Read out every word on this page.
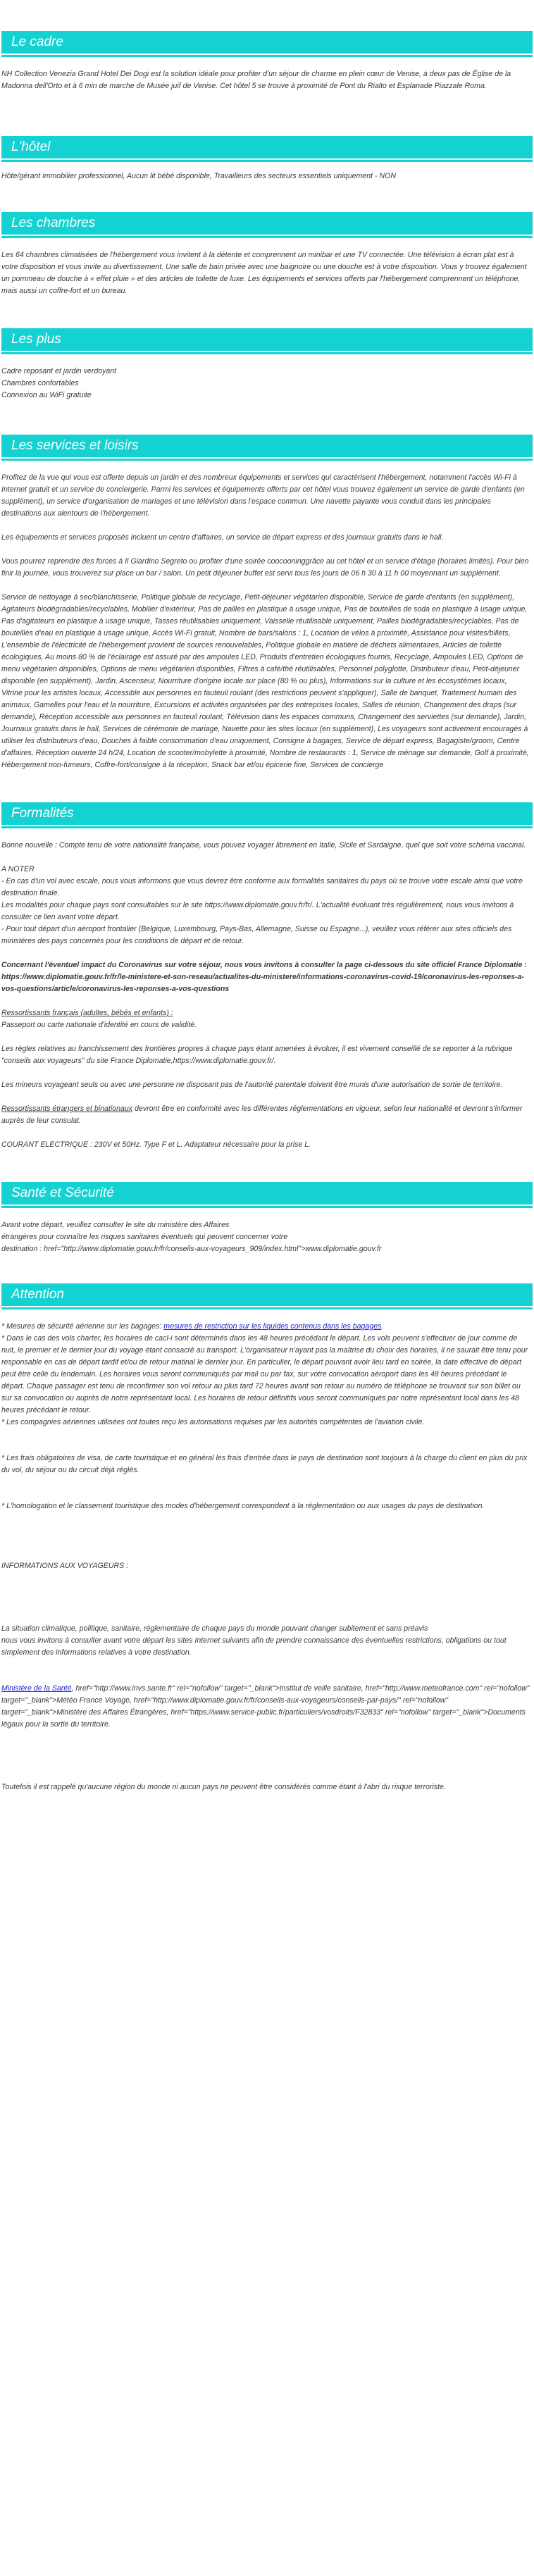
Le cadre

NH Collection Venezia Grand Hotel Dei Dogi est la solution idéale pour profiter d'un séjour de charme en plein cœur de Venise, à deux pas de Église de la Madonna dell'Orto et à 6 min de marche de Musée juif de Venise. Cet hôtel 5 se trouve à proximité de Pont du Rialto et Esplanade Piazzale Roma.

L'hôtel

Hôte/gérant immobilier professionnel, Aucun lit bébé disponible, Travailleurs des secteurs essentiels uniquement - NON

Les chambres

Les 64 chambres climatisées de l'hébergement vous invitent à la détente et comprennent un minibar et une TV connectée. Une télévision à écran plat est à votre disposition et vous invite au divertissement. Une salle de bain privée avec une baignoire ou une douche est à votre disposition. Vous y trouvez également un pommeau de douche à « effet pluie » et des articles de toilette de luxe. Les équipements et services offerts par l'hébergement comprennent un téléphone, mais aussi un coffre-fort et un bureau.

Les plus

Cadre reposant et jardin verdoyant

Chambres confortables

Connexion au WiFi gratuite

Les services et loisirs

Profitez de la vue qui vous est offerte depuis un jardin et des nombreux équipements et services qui caractérisent l'hébergement, notamment l'accès Wi-Fi à Internet gratuit et un service de conciergerie. Parmi les services et équipements offerts par cet hôtel vous trouvez également un service de garde d'enfants (en supplément), un service d'organisation de mariages et une télévision dans l'espace commun. Une navette payante vous conduit dans les principales destinations aux alentours de l'hébergement.

Les équipements et services proposés incluent un centre d'affaires, un service de départ express et des journaux gratuits dans le hall.

Vous pourrez reprendre des forces à Il Giardino Segreto ou profiter d'une soirée coocooninggrâce au cet hôtel et un service d'étage (horaires limités). Pour bien finir la journée, vous trouverez sur place un bar / salon. Un petit déjeuner buffet est servi tous les jours de 06 h 30 à 11 h 00 moyennant un supplément.

Service de nettoyage à sec/blanchisserie, Politique globale de recyclage, Petit-déjeuner végétarien disponible, Service de garde d'enfants (en supplément), Agitateurs biodégradables/recyclables, Mobilier d'extérieur, Pas de pailles en plastique à usage unique, Pas de bouteilles de soda en plastique à usage unique, Pas d'agitateurs en plastique à usage unique, Tasses réutilisables uniquement, Vaisselle réutilisable uniquement, Pailles biodégradables/recyclables, Pas de bouteilles d'eau en plastique à usage unique, Accès Wi-Fi gratuit, Nombre de bars/salons : 1, Location de vélos à proximité, Assistance pour visites/billets, L'ensemble de l'électricité de l'hébergement provient de sources renouvelables, Politique globale en matière de déchets alimentaires, Articles de toilette écologiques, Au moins 80 % de l'éclairage est assuré par des ampoules LED, Produits d'entretien écologiques fournis, Recyclage, Ampoules LED, Options de menu végétarien disponibles, Options de menu végétarien disponibles, Filtres à café/thé réutilisables, Personnel polyglotte, Distributeur d'eau, Petit-déjeuner disponible (en supplément), Jardin, Ascenseur, Nourriture d'origine locale sur place (80 % ou plus), Informations sur la culture et les écosystèmes locaux, Vitrine pour les artistes locaux, Accessible aux personnes en fauteuil roulant (des restrictions peuvent s'appliquer), Salle de banquet, Traitement humain des animaux, Gamelles pour l'eau et la nourriture, Excursions et activités organisées par des entreprises locales, Salles de réunion, Changement des draps (sur demande), Réception accessible aux personnes en fauteuil roulant, Télévision dans les espaces communs, Changement des serviettes (sur demande), Jardin, Journaux gratuits dans le hall, Services de cérémonie de mariage, Navette pour les sites locaux (en supplément), Les voyageurs sont activement encouragés à utiliser les distributeurs d'eau, Douches à faible consommation d'eau uniquement, Consigne à bagages, Service de départ express, Bagagiste/groom, Centre d'affaires, Réception ouverte 24 h/24, Location de scooter/mobylette à proximité, Nombre de restaurants : 1, Service de ménage sur demande, Golf à proximité, Hébergement non-fumeurs, Coffre-fort/consigne à la réception, Snack bar et/ou épicerie fine, Services de concierge

Formalités

Bonne nouvelle : Compte tenu de votre nationalité française, vous pouvez voyager librement en Italie, Sicile et Sardaigne, quel que soit votre schéma vaccinal.

A NOTER

- En cas d'un vol avec escale, nous vous informons que vous devrez être conforme aux formalités sanitaires du pays où se trouve votre escale ainsi que votre destination finale.

Les modalités pour chaque pays sont consultables sur le site https://www.diplomatie.gouv.fr/fr/. L'actualité évoluant très régulièrement, nous vous invitons à consulter ce lien avant votre départ.

- Pour tout départ d'un aéroport frontalier (Belgique, Luxembourg, Pays-Bas, Allemagne, Suisse ou Espagne...), veuillez vous référer aux sites officiels des ministères des pays concernés pour les conditions de départ et de retour.

Concernant l'éventuel impact du Coronavirus sur votre séjour, nous vous invitons à consulter la page ci-dessous du site officiel France Diplomatie : https://www.diplomatie.gouv.fr/fr/le-ministere-et-son-reseau/actualites-du-ministere/informations-coronavirus-covid-19/coronavirus-les-reponses-a-vos-questions/article/coronavirus-les-reponses-a-vos-questions

Ressortissants français (adultes, bébés et enfants) :

Passeport ou carte nationale d'identité en cours de validité.

Les règles relatives au franchissement des frontières propres à chaque pays étant amenées à évoluer, il est vivement conseillé de se reporter à la rubrique "conseils aux voyageurs" du site France Diplomatie,https://www.diplomatie.gouv.fr/.

Les mineurs voyageant seuls ou avec une personne ne disposant pas de l'autorité parentale doivent être munis d'une autorisation de sortie de territoire.

Ressortissants étrangers et binationaux devront être en conformité avec les différentes réglementations en vigueur, selon leur nationalité et devront s'informer auprès de leur consulat.

COURANT ELECTRIQUE : 230V et 50Hz. Type F et L. Adaptateur nécessaire pour la prise L.

Santé et Sécurité

Avant votre départ, veuillez consulter le site du ministère des Affaires

étrangères pour connaître les risques sanitaires éventuels qui peuvent concerner votre

destination : href="http://www.diplomatie.gouv.fr/fr/conseils-aux-voyageurs_909/index.html">www.diplomatie.gouv.fr

Attention

* Mesures de sécurité aérienne sur les bagages: mesures de restriction sur les liquides contenus dans les bagages.

* Dans le cas des vols charter, les horaires de cacl-i sont déterminés dans les 48 heures précédant le départ. Les vols peuvent s'effectuer de jour comme de nuit, le premier et le dernier jour du voyage étant consacré au transport. L'organisateur n'ayant pas la maîtrise du choix des horaires, il ne saurait être tenu pour responsable en cas de départ tardif et/ou de retour matinal le dernier jour. En particulier, le départ pouvant avoir lieu tard en soirée, la date effective de départ peut être celle du lendemain. Les horaires vous seront communiqués par mail ou par fax, sur votre convocation aéroport dans les 48 heures précédant le départ. Chaque passager est tenu de reconfirmer son vol retour au plus tard 72 heures avant son retour au numéro de téléphone se trouvant sur son billet ou sur sa convocation ou auprès de notre représentant local. Les horaires de retour définitifs vous seront communiqués par notre représentant local dans les 48 heures précédant le retour.

* Les compagnies aériennes utilisées ont toutes reçu les autorisations requises par les autorités compétentes de l'aviation civile.

* Les frais obligatoires de visa, de carte touristique et en général les frais d'entrée dans le pays de destination sont toujours à la charge du client en plus du prix du vol, du séjour ou du circuit déjà réglés.

* L'homologation et le classement touristique des modes d'hébergement correspondent à la réglementation ou aux usages du pays de destination.

INFORMATIONS AUX VOYAGEURS :

La situation climatique, politique, sanitaire, réglementaire de chaque pays du monde pouvant changer subitement et sans préavis
nous vous invitons à consulter avant votre départ les sites Internet suivants afin de prendre connaissance des éventuelles restrictions, obligations ou tout simplement des informations relatives à votre destination.

Ministère de la Santé, href="http://www.invs.sante.fr" rel="nofollow" target="_blank">Institut de veille sanitaire, href="http://www.meteofrance.com" rel="nofollow" target="_blank">Météo France Voyage, href="http://www.diplomatie.gouv.fr/fr/conseils-aux-voyageurs/conseils-par-pays/" rel="nofollow" target="_blank">Ministère des Affaires Étrangères, href="https://www.service-public.fr/particuliers/vosdroits/F32833" rel="nofollow" target="_blank">Documents légaux pour la sortie du territoire.

Toutefois il est rappelé qu'aucune région du monde ni aucun pays ne peuvent être considérés comme étant à l'abri du risque terroriste.
